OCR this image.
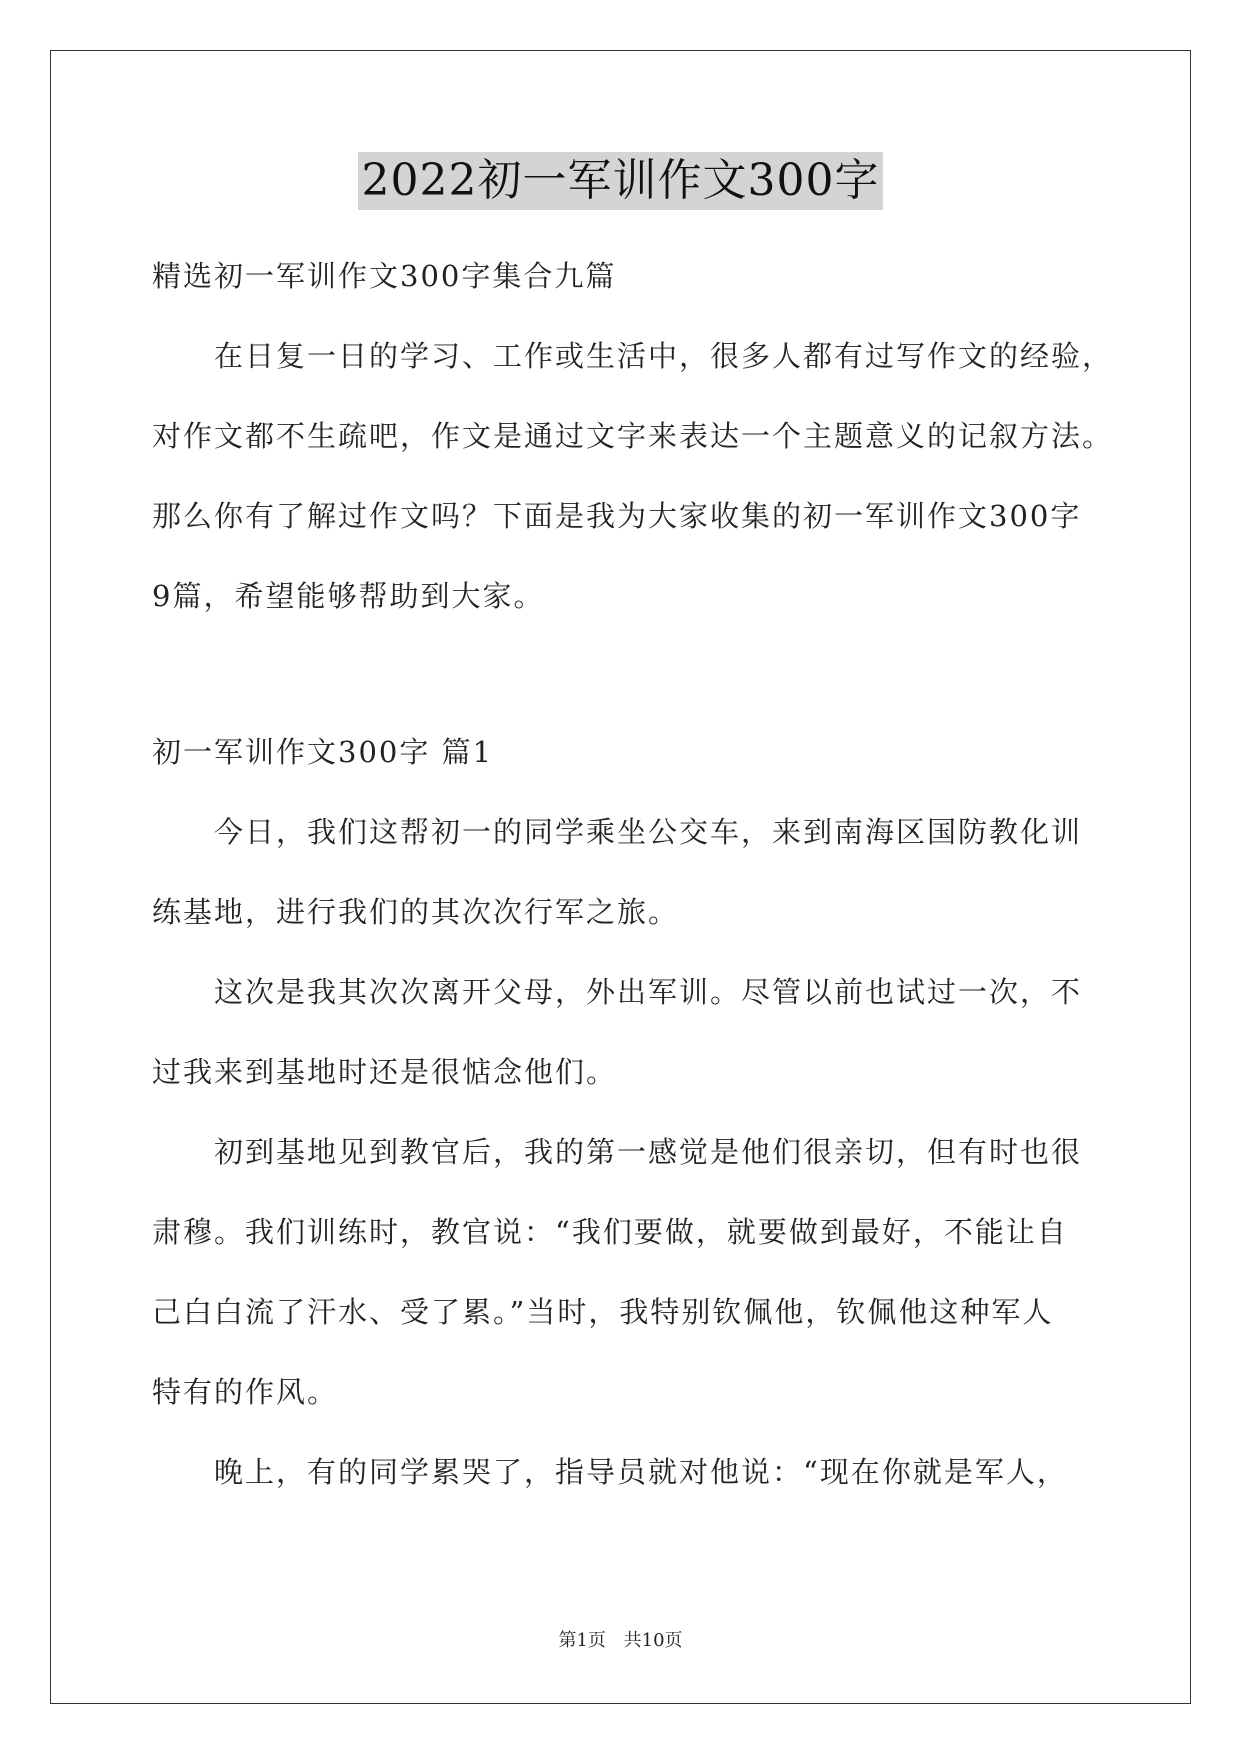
2022初一军训作文300字
精选初一军训作文300字集合九篇
在日复一日的学习、工作或生活中，很多人都有过写作文的经验，
对作文都不生疏吧，作文是通过文字来表达一个主题意义的记叙方法。
那么你有了解过作文吗？下面是我为大家收集的初一军训作文300字
9篇，希望能够帮助到大家。
初一军训作文300字 篇1
今日，我们这帮初一的同学乘坐公交车，来到南海区国防教化训
练基地，进行我们的其次次行军之旅。
这次是我其次次离开父母，外出军训。尽管以前也试过一次，不
过我来到基地时还是很惦念他们。
初到基地见到教官后，我的第一感觉是他们很亲切，但有时也很
肃穆。我们训练时，教官说：“我们要做，就要做到最好，不能让自
己白白流了汗水、受了累。”当时，我特别钦佩他，钦佩他这种军人
特有的作风。
晚上，有的同学累哭了，指导员就对他说：“现在你就是军人，
第1页 共10页
